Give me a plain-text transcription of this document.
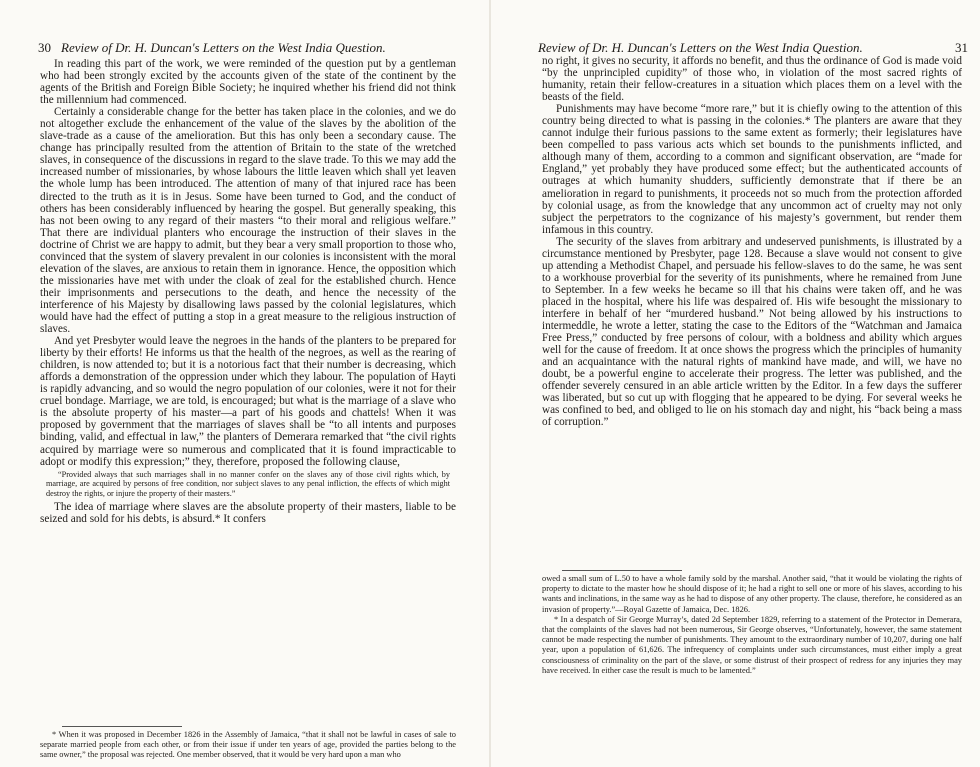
30 Review of Dr. H. Duncan's Letters on the West India Question.

In reading this part of the work, we were reminded of the question put by a gentleman who had been strongly excited by the accounts given of the state of the continent by the agents of the British and Foreign Bible Society; he inquired whether his friend did not think the millennium had commenced.

Certainly a considerable change for the better has taken place in the colonies, and we do not altogether exclude the enhancement of the value of the slaves by the abolition of the slave-trade as a cause of the amelioration. But this has only been a secondary cause. The change has principally resulted from the attention of Britain to the state of the wretched slaves, in consequence of the discussions in regard to the slave trade. To this we may add the increased number of missionaries, by whose labours the little leaven which shall yet leaven the whole lump has been introduced. The attention of many of that injured race has been directed to the truth as it is in Jesus. Some have been turned to God, and the conduct of others has been considerably influenced by hearing the gospel. But generally speaking, this has not been owing to any regard of their masters “to their moral and religious welfare.” That there are individual planters who encourage the instruction of their slaves in the doctrine of Christ we are happy to admit, but they bear a very small proportion to those who, convinced that the system of slavery prevalent in our colonies is inconsistent with the moral elevation of the slaves, are anxious to retain them in ignorance. Hence, the opposition which the missionaries have met with under the cloak of zeal for the established church. Hence their imprisonments and persecutions to the death, and hence the necessity of the interference of his Majesty by disallowing laws passed by the colonial legislatures, which would have had the effect of putting a stop in a great measure to the religious instruction of slaves.

And yet Presbyter would leave the negroes in the hands of the planters to be prepared for liberty by their efforts! He informs us that the health of the negroes, as well as the rearing of children, is now attended to; but it is a notorious fact that their number is decreasing, which affords a demonstration of the oppression under which they labour. The population of Hayti is rapidly advancing, and so would the negro population of our colonies, were it not for their cruel bondage. Marriage, we are told, is encouraged; but what is the marriage of a slave who is the absolute property of his master—a part of his goods and chattels! When it was proposed by government that the marriages of slaves shall be “to all intents and purposes binding, valid, and effectual in law,” the planters of Demerara remarked that “the civil rights acquired by marriage were so numerous and complicated that it is found impracticable to adopt or modify this expression;” they, therefore, proposed the following clause,

“Provided always that such marriages shall in no manner confer on the slaves any of those civil rights which, by marriage, are acquired by persons of free condition, nor subject slaves to any penal infliction, the effects of which might destroy the rights, or injure the property of their masters.”

The idea of marriage where slaves are the absolute property of their masters, liable to be seized and sold for his debts, is absurd.* It confers

* When it was proposed in December 1826 in the Assembly of Jamaica, “that it shall not be lawful in cases of sale to separate married people from each other, or from their issue if under ten years of age, provided the parties belong to the same owner,” the proposal was rejected. One member observed, that it would be very hard upon a man who

Review of Dr. H. Duncan's Letters on the West India Question.	31

no right, it gives no security, it affords no benefit, and thus the ordinance of God is made void “by the unprincipled cupidity” of those who, in violation of the most sacred rights of humanity, retain their fellow-creatures in a situation which places them on a level with the beasts of the field.

Punishments may have become “more rare,” but it is chiefly owing to the attention of this country being directed to what is passing in the colonies.* The planters are aware that they cannot indulge their furious passions to the same extent as formerly; their legislatures have been compelled to pass various acts which set bounds to the punishments inflicted, and although many of them, according to a common and significant observation, are “made for England,” yet probably they have produced some effect; but the authenticated accounts of outrages at which humanity shudders, sufficiently demonstrate that if there be an amelioration in regard to punishments, it proceeds not so much from the protection afforded by colonial usage, as from the knowledge that any uncommon act of cruelty may not only subject the perpetrators to the cognizance of his majesty’s government, but render them infamous in this country.

The security of the slaves from arbitrary and undeserved punishments, is illustrated by a circumstance mentioned by Presbyter, page 128. Because a slave would not consent to give up attending a Methodist Chapel, and persuade his fellow-slaves to do the same, he was sent to a workhouse proverbial for the severity of its punishments, where he remained from June to September. In a few weeks he became so ill that his chains were taken off, and he was placed in the hospital, where his life was despaired of. His wife besought the missionary to interfere in behalf of her “murdered husband.” Not being allowed by his instructions to intermeddle, he wrote a letter, stating the case to the Editors of the “Watchman and Jamaica Free Press,” conducted by free persons of colour, with a boldness and ability which argues well for the cause of freedom. It at once shows the progress which the principles of humanity and an acquaintance with the natural rights of mankind have made, and will, we have no doubt, be a powerful engine to accelerate their progress. The letter was published, and the offender severely censured in an able article written by the Editor. In a few days the sufferer was liberated, but so cut up with flogging that he appeared to be dying. For several weeks he was confined to bed, and obliged to lie on his stomach day and night, his “back being a mass of corruption.”

owed a small sum of L.50 to have a whole family sold by the marshal. Another said, “that it would be violating the rights of property to dictate to the master how he should dispose of it; he had a right to sell one or more of his slaves, according to his wants and inclinations, in the same way as he had to dispose of any other property. The clause, therefore, he considered as an invasion of property.”—Royal Gazette of Jamaica, Dec. 1826.

* In a despatch of Sir George Murray’s, dated 2d September 1829, referring to a statement of the Protector in Demerara, that the complaints of the slaves had not been numerous, Sir George observes, “Unfortunately, however, the same statement cannot be made respecting the number of punishments. They amount to the extraordinary number of 10,207, during one half year, upon a population of 61,626. The infrequency of complaints under such circumstances, must either imply a great consciousness of criminality on the part of the slave, or some distrust of their prospect of redress for any injuries they may have received. In either case the result is much to be lamented.”
